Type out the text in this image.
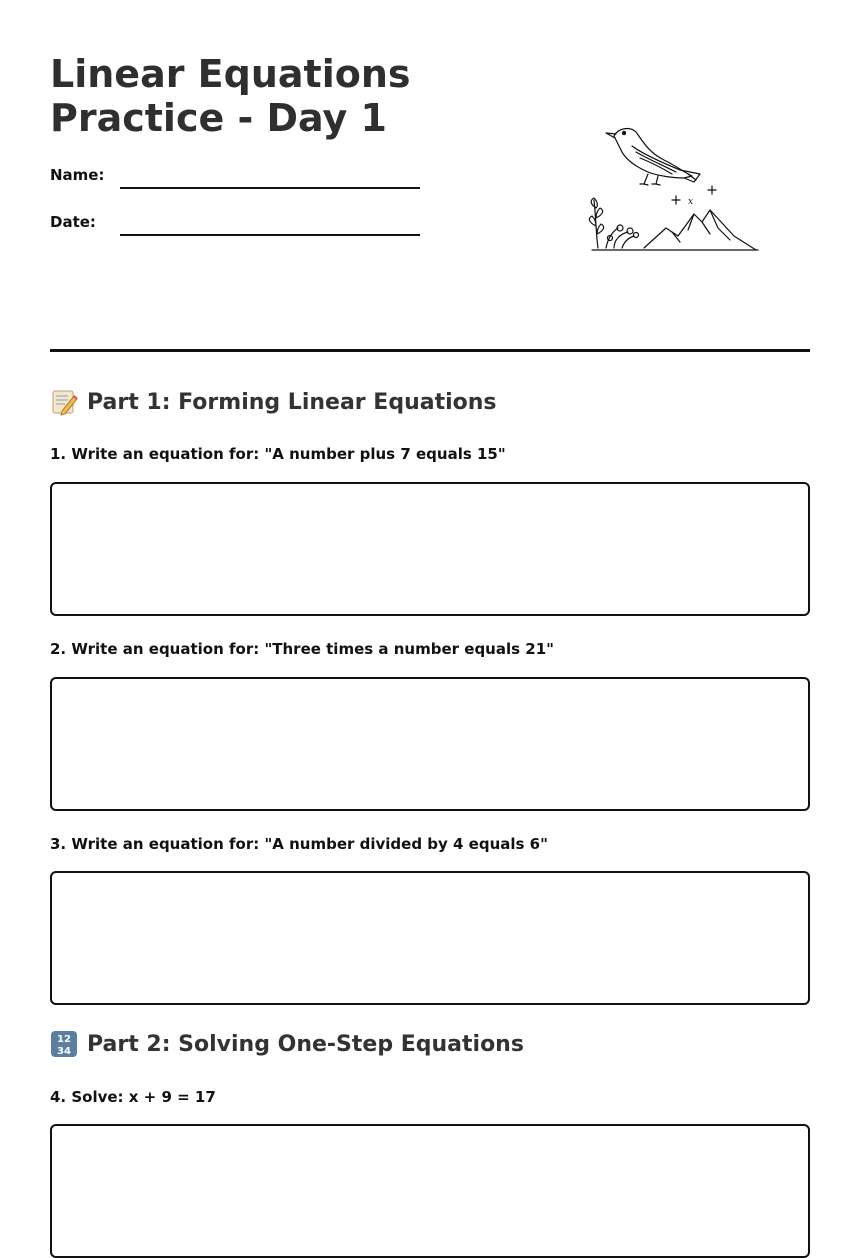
Linear Equations
Practice - Day 1
Name:
Date:
x
Part 1: Forming Linear Equations
1. Write an equation for: "A number plus 7 equals 15"
2. Write an equation for: "Three times a number equals 21"
3. Write an equation for: "A number divided by 4 equals 6"
12
34 Part 2: Solving One-Step Equations
4. Solve: x + 9 = 17
